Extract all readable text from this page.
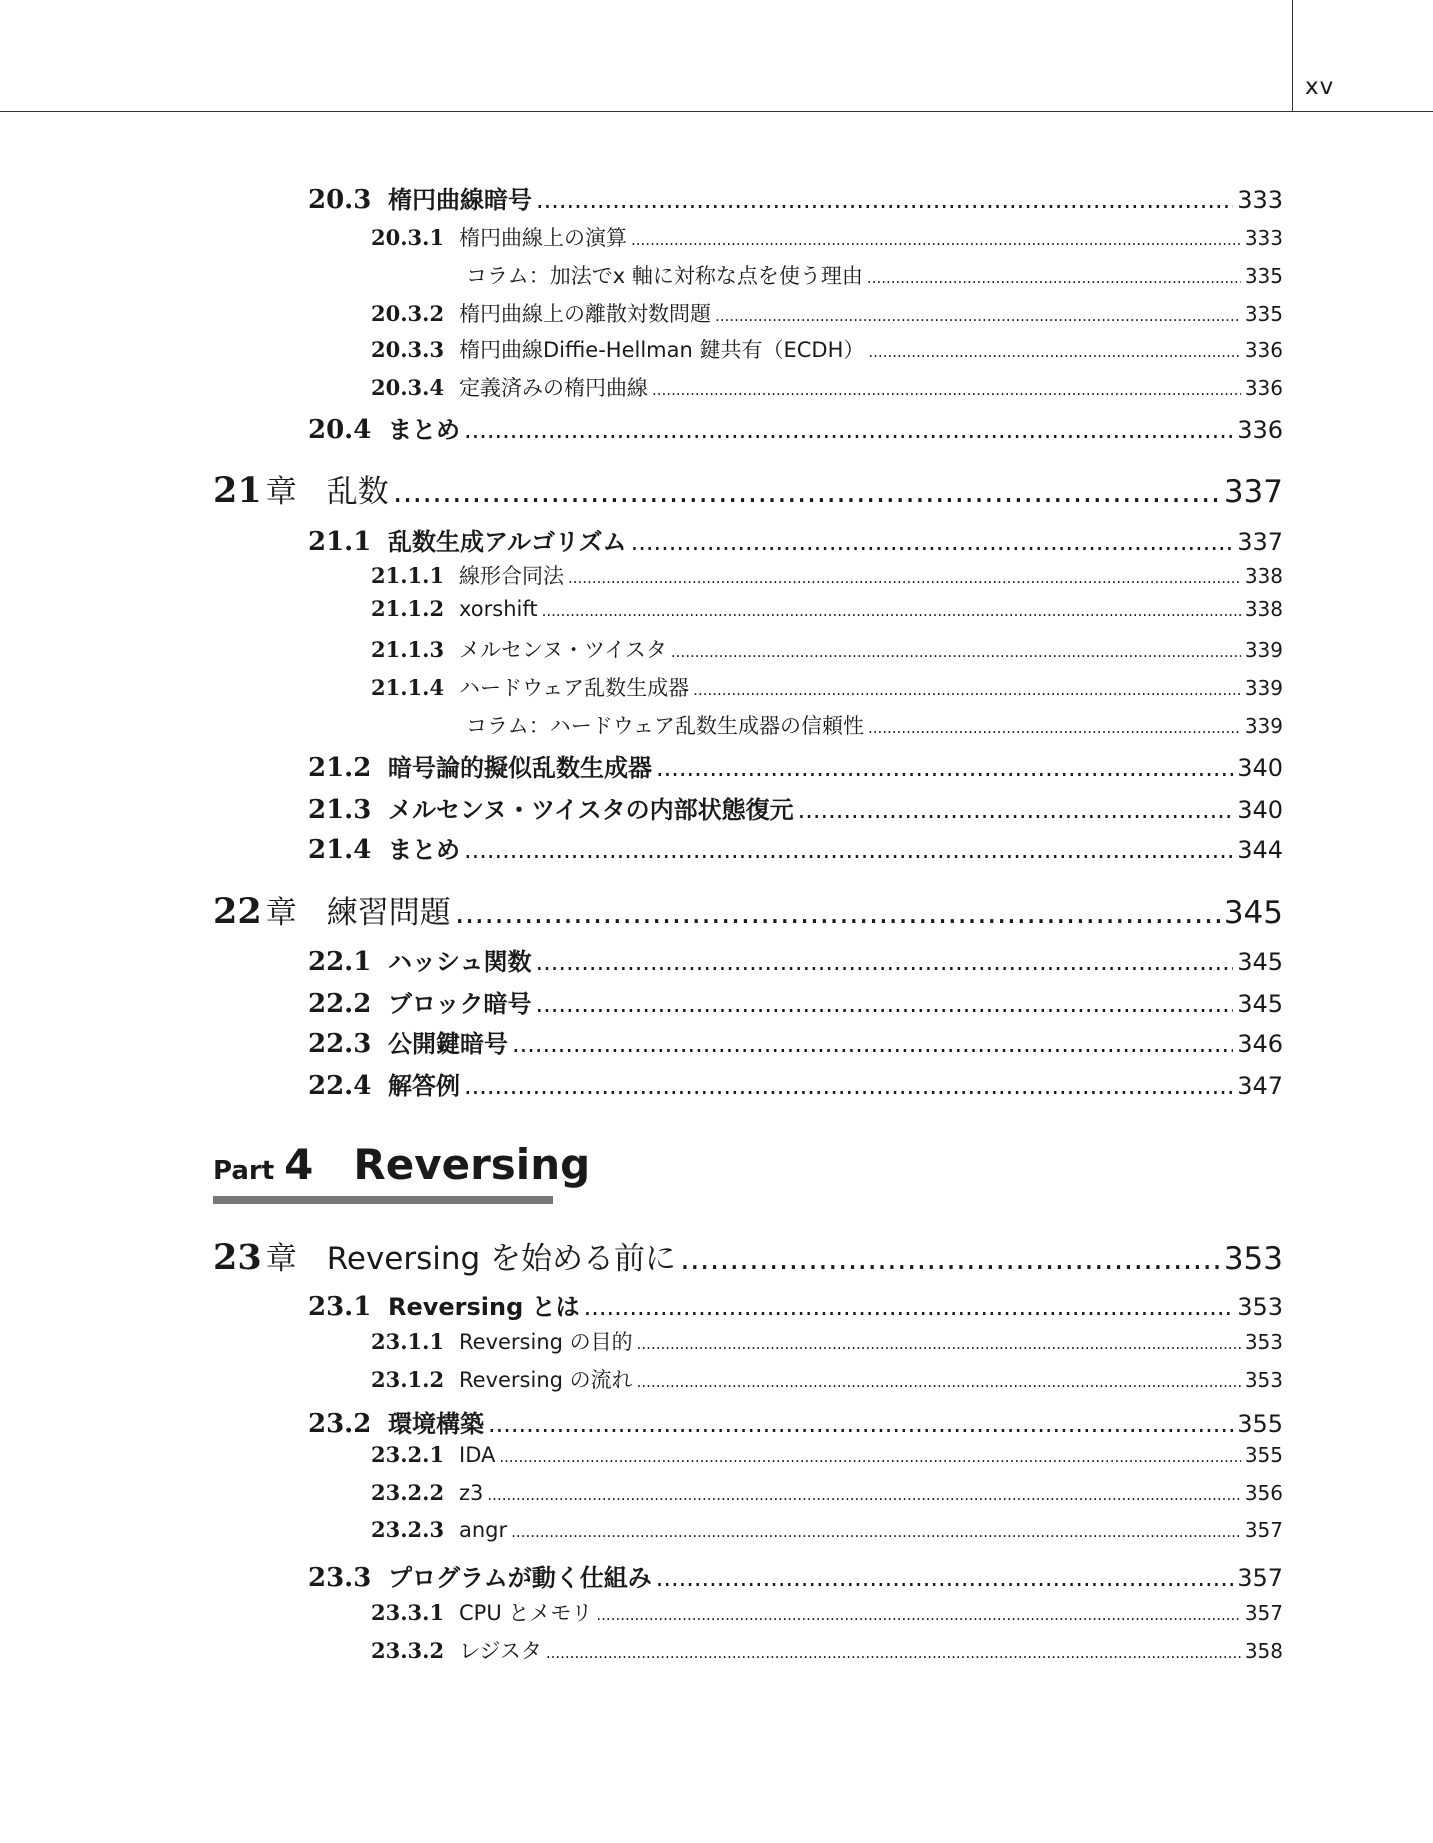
xv
20.3 楕円曲線暗号 .....	333
20.3.1 楕円曲線上の演算 .....	333
コラム：加法でx 軸に対称な点を使う理由 .....	335
20.3.2 楕円曲線上の離散対数問題 .....	335
20.3.3 楕円曲線Diffie-Hellman 鍵共有（ECDH） .....	336
20.3.4 定義済みの楕円曲線 .....	336
20.4 まとめ .....	336
21 章 乱数 .....	337
21.1 乱数生成アルゴリズム .....	337
21.1.1 線形合同法 .....	338
21.1.2 xorshift .....	338
21.1.3 メルセンヌ・ツイスタ .....	339
21.1.4 ハードウェア乱数生成器 .....	339
コラム：ハードウェア乱数生成器の信頼性 .....	339
21.2 暗号論的擬似乱数生成器 .....	340
21.3 メルセンヌ・ツイスタの内部状態復元 .....	340
21.4 まとめ .....	344
22 章 練習問題 .....	345
22.1 ハッシュ関数 .....	345
22.2 ブロック暗号 .....	345
22.3 公開鍵暗号 .....	346
22.4 解答例 .....	347
23 章 Reversing を始める前に .....	353
23.1 Reversing とは .....	353
23.1.1 Reversing の目的 .....	353
23.1.2 Reversing の流れ .....	353
23.2 環境構築 .....	355
23.2.1 IDA .....	355
23.2.2 z3 .....	356
23.2.3 angr .....	357
23.3 プログラムが動く仕組み .....	357
23.3.1 CPU とメモリ .....	357
23.3.2 レジスタ .....	358
Part 4 Reversing
